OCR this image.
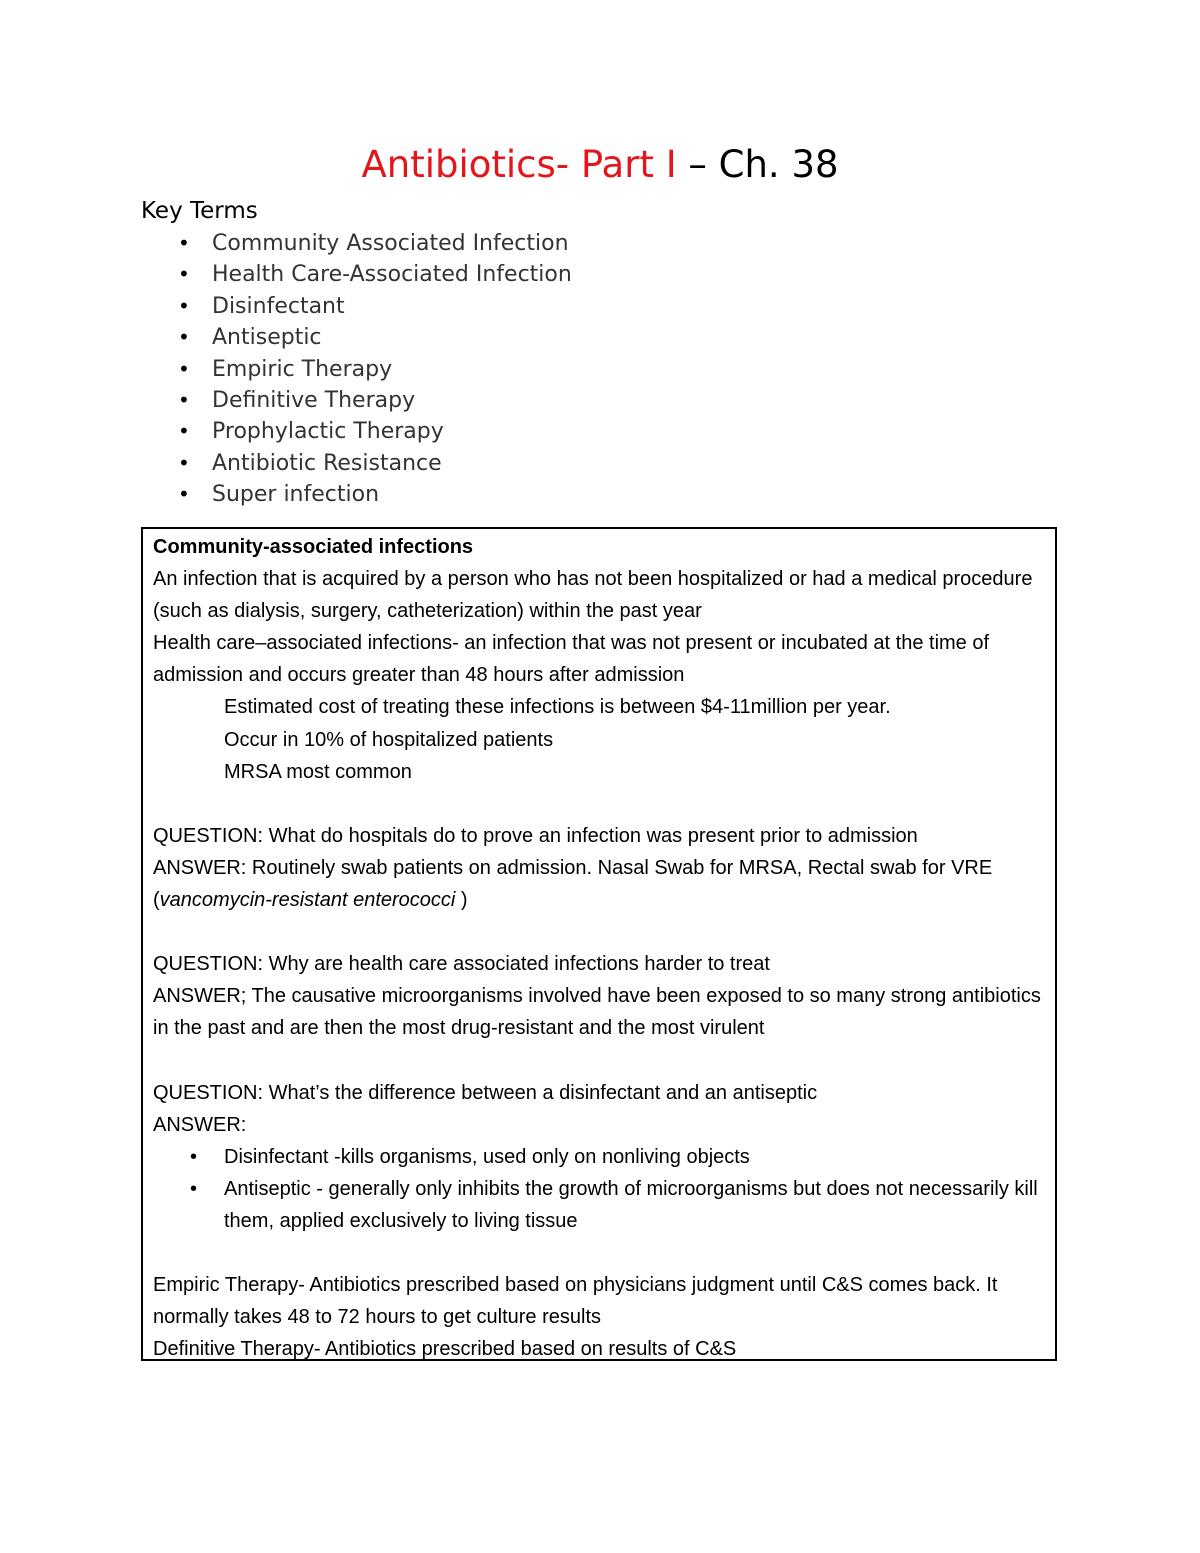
Antibiotics- Part I – Ch. 38
Key Terms
• Community Associated Infection
• Health Care-Associated Infection
• Disinfectant
• Antiseptic
• Empiric Therapy
• Definitive Therapy
• Prophylactic Therapy
• Antibiotic Resistance
• Super infection

Community-associated infections

An infection that is acquired by a person who has not been hospitalized or had a medical procedure (such as dialysis, surgery, catheterization) within the past year

Health care–associated infections- an infection that was not present or incubated at the time of admission and occurs greater than 48 hours after admission

Estimated cost of treating these infections is between $4-11million per year.

Occur in 10% of hospitalized patients

MRSA most common

QUESTION: What do hospitals do to prove an infection was present prior to admission

ANSWER: Routinely swab patients on admission. Nasal Swab for MRSA, Rectal swab for VRE (vancomycin-resistant enterococci )

QUESTION: Why are health care associated infections harder to treat

ANSWER; The causative microorganisms involved have been exposed to so many strong antibiotics in the past and are then the most drug-resistant and the most virulent

QUESTION: What’s the difference between a disinfectant and an antiseptic

ANSWER:

• Disinfectant -kills organisms, used only on nonliving objects
• Antiseptic - generally only inhibits the growth of microorganisms but does not necessarily kill them, applied exclusively to living tissue

Empiric Therapy- Antibiotics prescribed based on physicians judgment until C&S comes back. It normally takes 48 to 72 hours to get culture results

Definitive Therapy- Antibiotics prescribed based on results of C&S
